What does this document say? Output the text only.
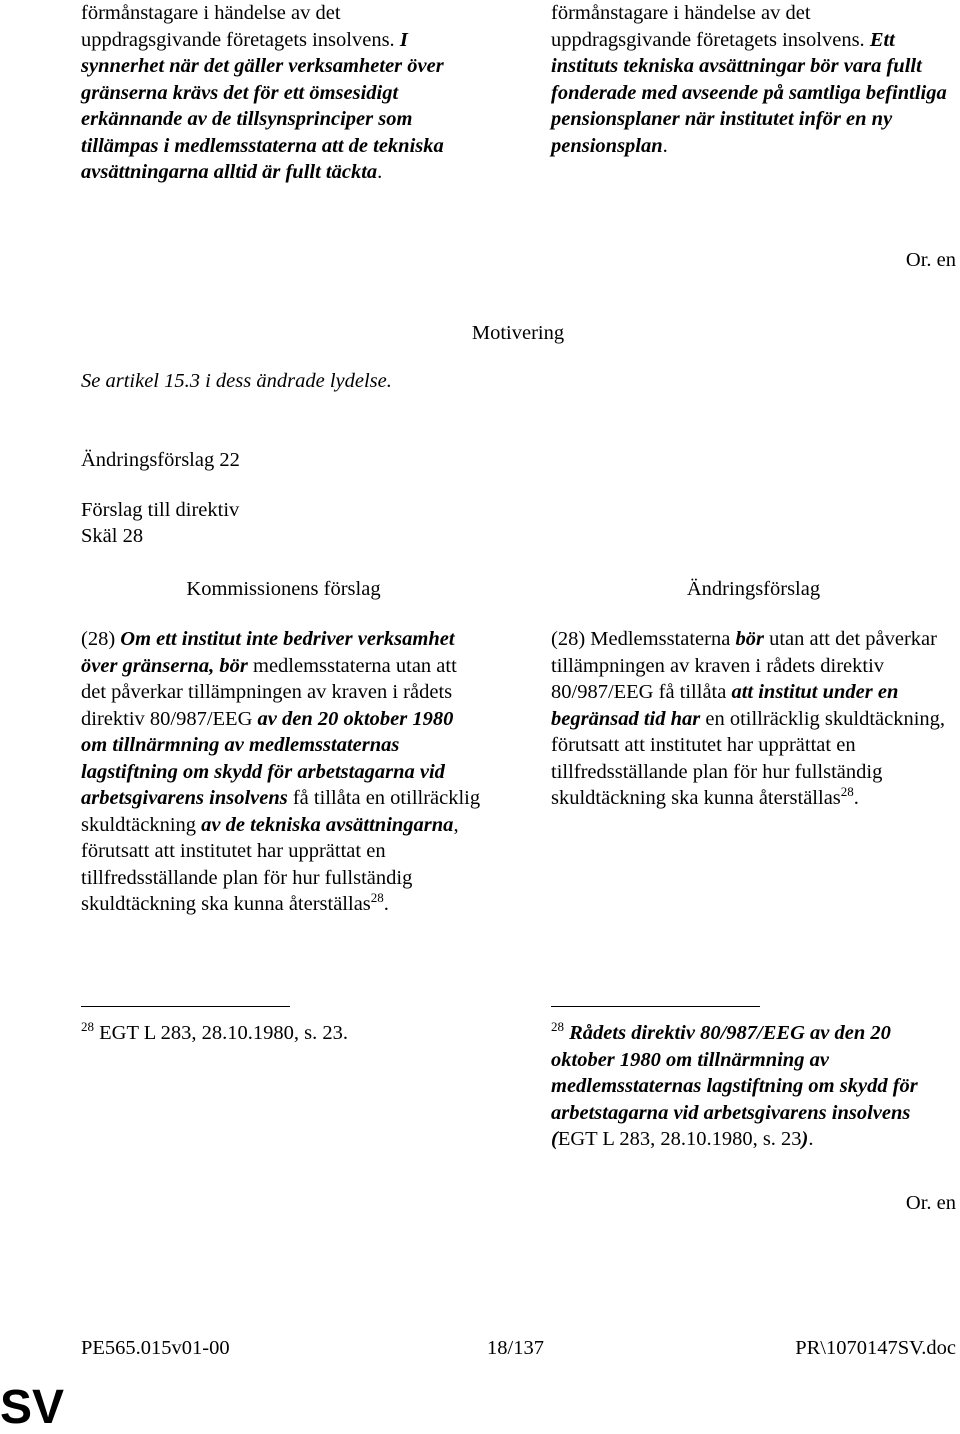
förmånstagare i händelse av det uppdragsgivande företagets insolvens. I synnerhet när det gäller verksamheter över gränserna krävs det för ett ömsesidigt erkännande av de tillsynsprinciper som tillämpas i medlemsstaterna att de tekniska avsättningarna alltid är fullt täckta.
förmånstagare i händelse av det uppdragsgivande företagets insolvens. Ett instituts tekniska avsättningar bör vara fullt fonderade med avseende på samtliga befintliga pensionsplaner när institutet inför en ny pensionsplan.
Or. en
Motivering
Se artikel 15.3 i dess ändrade lydelse.
Ändringsförslag 22
Förslag till direktiv
Skäl 28
Kommissionens förslag	Ändringsförslag
(28) Om ett institut inte bedriver verksamhet över gränserna, bör medlemsstaterna utan att det påverkar tillämpningen av kraven i rådets direktiv 80/987/EEG av den 20 oktober 1980 om tillnärmning av medlemsstaternas lagstiftning om skydd för arbetstagarna vid arbetsgivarens insolvens få tillåta en otillräcklig skuldtäckning av de tekniska avsättningarna, förutsatt att institutet har upprättat en tillfredsställande plan för hur fullständig skuldtäckning ska kunna återställas$^{28}$.
(28) Medlemsstaterna bör utan att det påverkar tillämpningen av kraven i rådets direktiv 80/987/EEG få tillåta att institut under en begränsad tid har en otillräcklig skuldtäckning, förutsatt att institutet har upprättat en tillfredsställande plan för hur fullständig skuldtäckning ska kunna återställas$^{28}$.
$^{28}$ EGT L 283, 28.10.1980, s. 23.	$^{28}$ Rådets direktiv 80/987/EEG av den 20 oktober 1980 om tillnärmning av medlemsstaternas lagstiftning om skydd för arbetstagarna vid arbetsgivarens insolvens (EGT L 283, 28.10.1980, s. 23).
Or. en
PE565.015v01-00	18/137	PR\1070147SV.doc
SV
